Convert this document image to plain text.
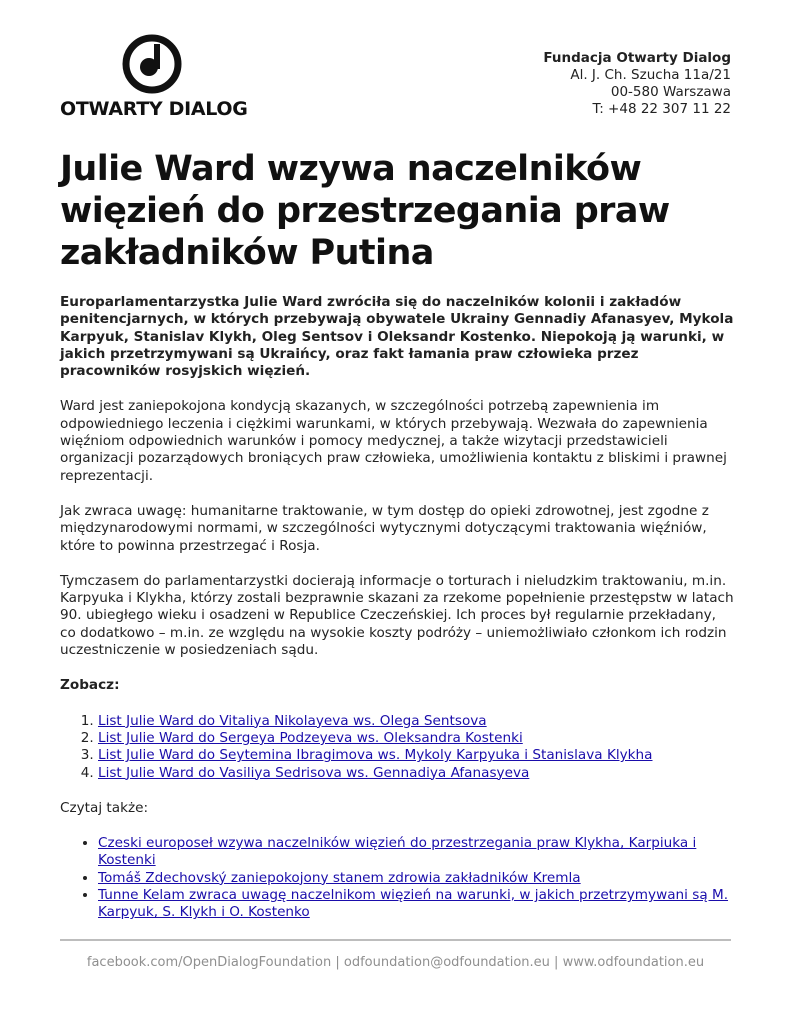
OTWARTY DIALOG
Fundacja Otwarty Dialog
Al. J. Ch. Szucha 11a/21
00-580 Warszawa
T: +48 22 307 11 22
Julie Ward wzywa naczelników więzień do przestrzegania praw zakładników Putina

Europarlamentarzystka Julie Ward zwróciła się do naczelników kolonii i zakładów penitencjarnych, w których przebywają obywatele Ukrainy Gennadiy Afanasyev, Mykola Karpyuk, Stanislav Klykh, Oleg Sentsov i Oleksandr Kostenko. Niepokoją ją warunki, w jakich przetrzymywani są Ukraińcy, oraz fakt łamania praw człowieka przez pracowników rosyjskich więzień.

Ward jest zaniepokojona kondycją skazanych, w szczególności potrzebą zapewnienia im odpowiedniego leczenia i ciężkimi warunkami, w których przebywają. Wezwała do zapewnienia więźniom odpowiednich warunków i pomocy medycznej, a także wizytacji przedstawicieli organizacji pozarządowych broniących praw człowieka, umożliwienia kontaktu z bliskimi i prawnej reprezentacji.

Jak zwraca uwagę: humanitarne traktowanie, w tym dostęp do opieki zdrowotnej, jest zgodne z międzynarodowymi normami, w szczególności wytycznymi dotyczącymi traktowania więźniów, które to powinna przestrzegać i Rosja.

Tymczasem do parlamentarzystki docierają informacje o torturach i nieludzkim traktowaniu, m.in. Karpyuka i Klykha, którzy zostali bezprawnie skazani za rzekome popełnienie przestępstw w latach 90. ubiegłego wieku i osadzeni w Republice Czeczeńskiej. Ich proces był regularnie przekładany, co dodatkowo – m.in. ze względu na wysokie koszty podróży – uniemożliwiało członkom ich rodzin uczestniczenie w posiedzeniach sądu.

Zobacz:

1. List Julie Ward do Vitaliya Nikolayeva ws. Olega Sentsova
2. List Julie Ward do Sergeya Podzeyeva ws. Oleksandra Kostenki
3. List Julie Ward do Seytemina Ibragimova ws. Mykoly Karpyuka i Stanislava Klykha
4. List Julie Ward do Vasiliya Sedrisova ws. Gennadiya Afanasyeva

Czytaj także:

• Czeski europoseł wzywa naczelników więzień do przestrzegania praw Klykha, Karpiuka i Kostenki
• Tomáš Zdechovský zaniepokojony stanem zdrowia zakładników Kremla
• Tunne Kelam zwraca uwagę naczelnikom więzień na warunki, w jakich przetrzymywani są M. Karpyuk, S. Klykh i O. Kostenko
facebook.com/OpenDialogFoundation | odfoundation@odfoundation.eu | www.odfoundation.eu
